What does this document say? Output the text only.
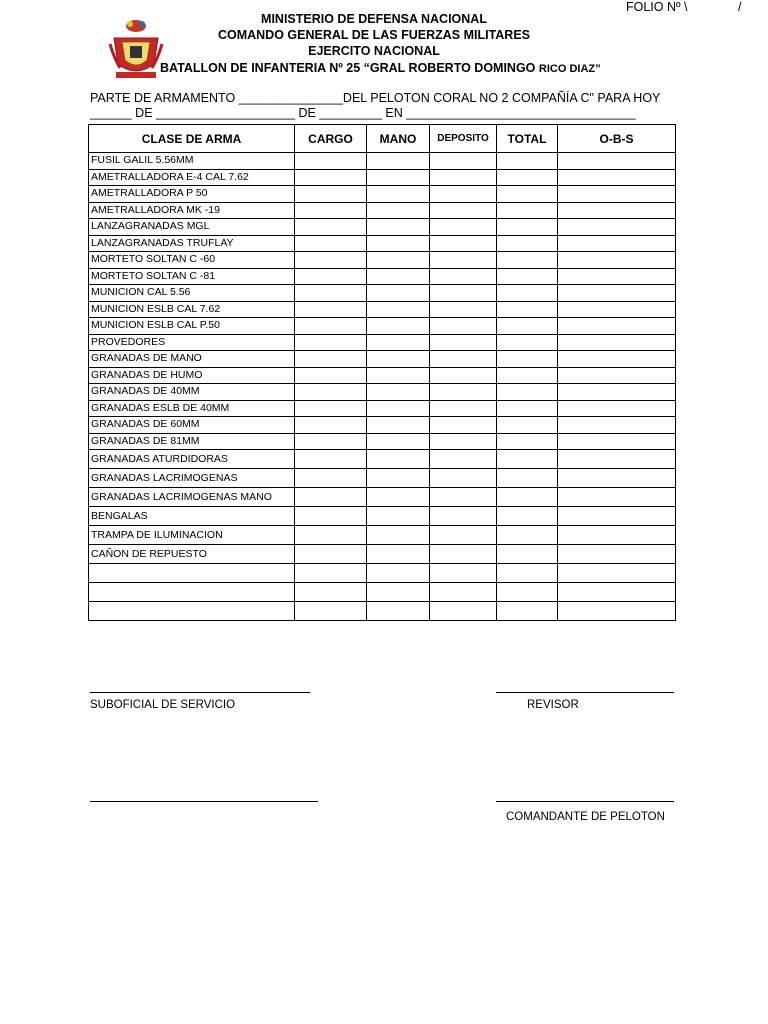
FOLIO Nº \	/
MINISTERIO DE DEFENSA NACIONAL
COMANDO GENERAL DE LAS FUERZAS MILITARES
EJERCITO NACIONAL
BATALLON DE INFANTERIA Nº 25 “GRAL ROBERTO DOMINGO RICO DIAZ”
PARTE DE ARMAMENTO _______________DEL PELOTON CORAL NO 2 COMPAÑÍA C" PARA HOY
______ DE ____________________ DE _________ EN _________________________________
CLASE DE ARMA	CARGO	MANO	DEPOSITO	TOTAL	O-B-S
FUSIL GALIL 5.56MM					
AMETRALLADORA E-4 CAL 7.62					
AMETRALLADORA P 50					
AMETRALLADORA MK -19					
LANZAGRANADAS MGL					
LANZAGRANADAS TRUFLAY					
MORTETO SOLTAN C -60					
MORTETO SOLTAN C -81					
MUNICION CAL 5.56					
MUNICION ESLB CAL 7.62					
MUNICION ESLB CAL P.50					
PROVEDORES					
GRANADAS DE MANO					
GRANADAS DE HUMO					
GRANADAS DE 40MM					
GRANADAS ESLB DE 40MM					
GRANADAS DE 60MM					
GRANADAS DE 81MM					
GRANADAS ATURDIDORAS					
GRANADAS LACRIMOGENAS					
GRANADAS LACRIMOGENAS MANO					
BENGALAS					
TRAMPA DE ILUMINACION					
CAÑON DE REPUESTO					

SUBOFICIAL DE SERVICIO	REVISOR
COMANDANTE DE PELOTON
